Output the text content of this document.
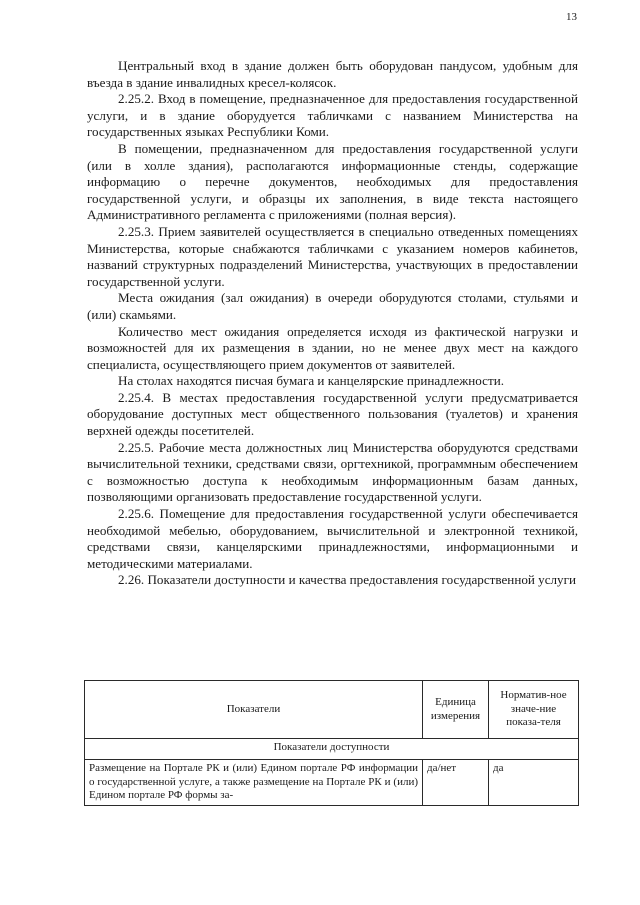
13

Центральный вход в здание должен быть оборудован пандусом, удобным для въезда в здание инвалидных кресел-колясок.

2.25.2. Вход в помещение, предназначенное для предоставления государственной услуги, и в здание оборудуется табличками с названием Министерства на государственных языках Республики Коми.

В помещении, предназначенном для предоставления государственной услуги (или в холле здания), располагаются информационные стенды, содержащие информацию о перечне документов, необходимых для предоставления государственной услуги, и образцы их заполнения, в виде текста настоящего Административного регламента с приложениями (полная версия).

2.25.3. Прием заявителей осуществляется в специально отведенных помещениях Министерства, которые снабжаются табличками с указанием номеров кабинетов, названий структурных подразделений Министерства, участвующих в предоставлении государственной услуги.

Места ожидания (зал ожидания) в очереди оборудуются столами, стульями и (или) скамьями.

Количество мест ожидания определяется исходя из фактической нагрузки и возможностей для их размещения в здании, но не менее двух мест на каждого специалиста, осуществляющего прием документов от заявителей.

На столах находятся писчая бумага и канцелярские принадлежности.

2.25.4. В местах предоставления государственной услуги предусматривается оборудование доступных мест общественного пользования (туалетов) и хранения верхней одежды посетителей.

2.25.5. Рабочие места должностных лиц Министерства оборудуются средствами вычислительной техники, средствами связи, оргтехникой, программным обеспечением с возможностью доступа к необходимым информационным базам данных, позволяющими организовать предоставление государственной услуги.

2.25.6. Помещение для предоставления государственной услуги обеспечивается необходимой мебелью, оборудованием, вычислительной и электронной техникой, средствами связи, канцелярскими принадлежностями, информационными и методическими материалами.

2.26. Показатели доступности и качества предоставления государственной услуги

Показатели	Единица измерения	Норматив-ное значе-ние показа-теля
Показатели доступности		
Размещение на Портале РК и (или) Едином портале РФ информации о государственной услуге, а также размещение на Портале РК и (или) Едином портале РФ формы за-	да/нет	да
